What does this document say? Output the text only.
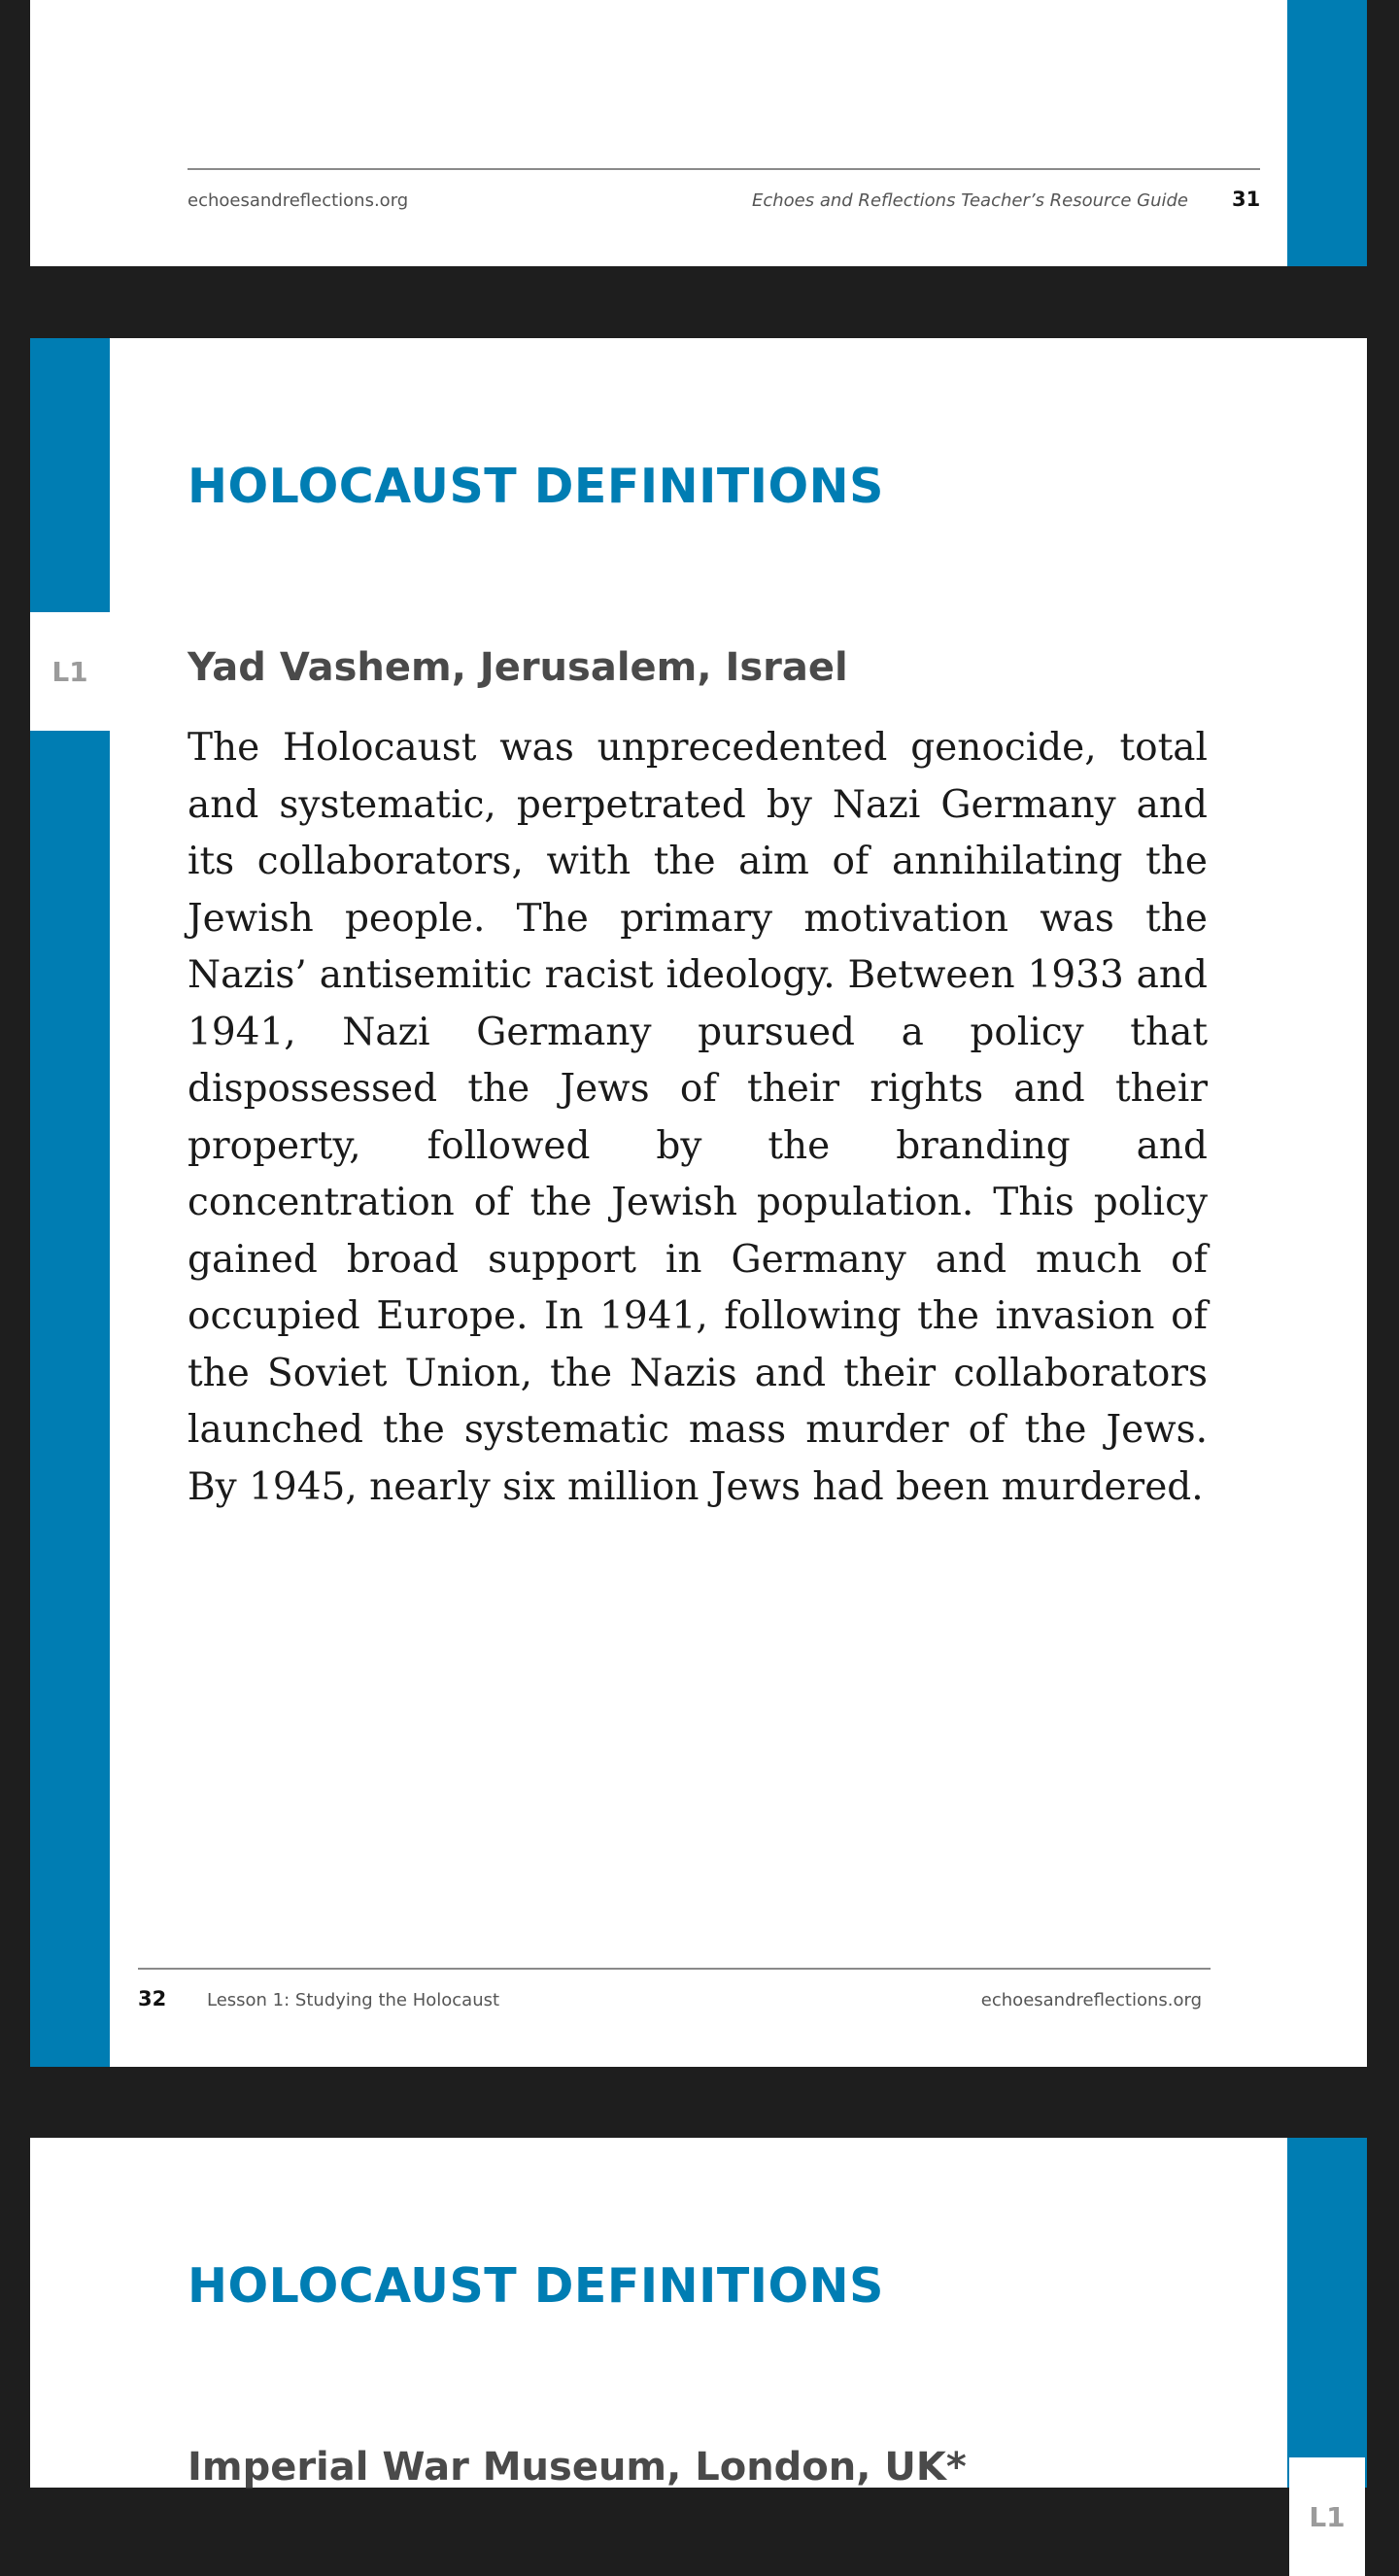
echoesandreflections.org	Echoes and Reflections Teacher’s Resource Guide 31
L1
HOLOCAUST DEFINITIONS
Yad Vashem, Jerusalem, Israel

The Holocaust was unprecedented genocide, total and systematic, perpetrated by Nazi Germany and its collaborators, with the aim of annihilating the Jewish people. The primary motivation was the Nazis’ antisemitic racist ideology. Between 1933 and 1941, Nazi Germany pursued a policy that dispossessed the Jews of their rights and their property, followed by the branding and concentration of the Jewish population. This policy gained broad support in Germany and much of occupied Europe. In 1941, following the invasion of the Soviet Union, the Nazis and their collaborators launched the systematic mass murder of the Jews. By 1945, nearly six million Jews had been murdered.

32 Lesson 1: Studying the Holocaust	echoesandreflections.org
L1
HOLOCAUST DEFINITIONS
Imperial War Museum, London, UK*
